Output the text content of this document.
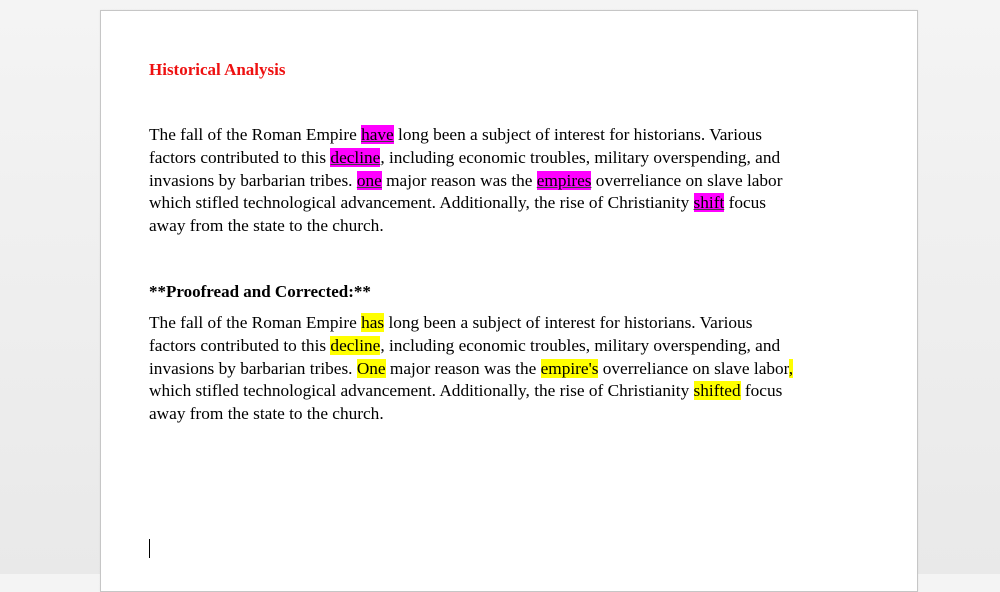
Historical Analysis

The fall of the Roman Empire have long been a subject of interest for historians. Various
factors contributed to this decline, including economic troubles, military overspending, and
invasions by barbarian tribes. one major reason was the empires overreliance on slave labor
which stifled technological advancement. Additionally, the rise of Christianity shift focus
away from the state to the church.

**Proofread and Corrected:**

The fall of the Roman Empire has long been a subject of interest for historians. Various
factors contributed to this decline, including economic troubles, military overspending, and
invasions by barbarian tribes. One major reason was the empire's overreliance on slave labor,
which stifled technological advancement. Additionally, the rise of Christianity shifted focus
away from the state to the church.
